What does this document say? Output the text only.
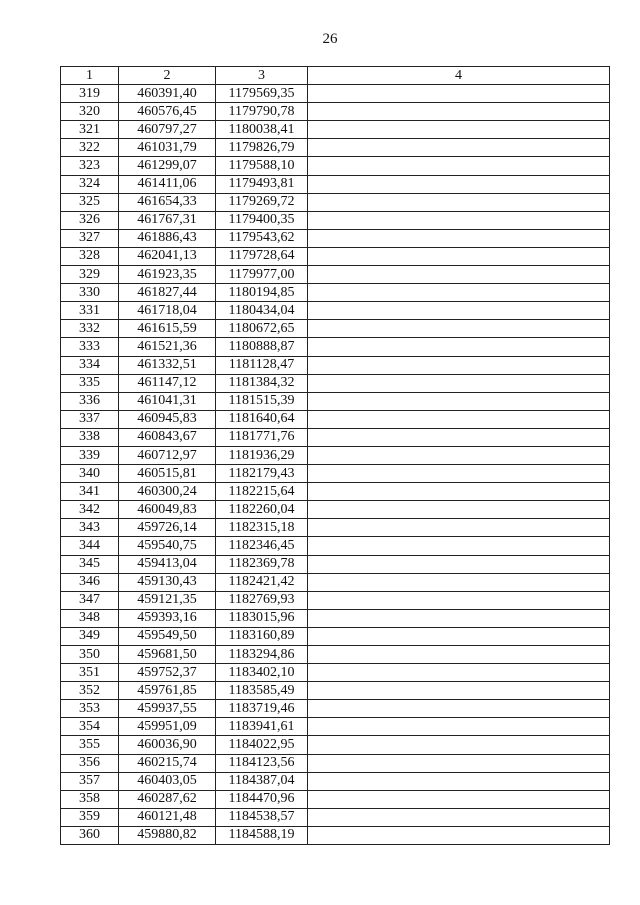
26
1	2	3	4
319	460391,40	1179569,35	
320	460576,45	1179790,78	
321	460797,27	1180038,41	
322	461031,79	1179826,79	
323	461299,07	1179588,10	
324	461411,06	1179493,81	
325	461654,33	1179269,72	
326	461767,31	1179400,35	
327	461886,43	1179543,62	
328	462041,13	1179728,64	
329	461923,35	1179977,00	
330	461827,44	1180194,85	
331	461718,04	1180434,04	
332	461615,59	1180672,65	
333	461521,36	1180888,87	
334	461332,51	1181128,47	
335	461147,12	1181384,32	
336	461041,31	1181515,39	
337	460945,83	1181640,64	
338	460843,67	1181771,76	
339	460712,97	1181936,29	
340	460515,81	1182179,43	
341	460300,24	1182215,64	
342	460049,83	1182260,04	
343	459726,14	1182315,18	
344	459540,75	1182346,45	
345	459413,04	1182369,78	
346	459130,43	1182421,42	
347	459121,35	1182769,93	
348	459393,16	1183015,96	
349	459549,50	1183160,89	
350	459681,50	1183294,86	
351	459752,37	1183402,10	
352	459761,85	1183585,49	
353	459937,55	1183719,46	
354	459951,09	1183941,61	
355	460036,90	1184022,95	
356	460215,74	1184123,56	
357	460403,05	1184387,04	
358	460287,62	1184470,96	
359	460121,48	1184538,57	
360	459880,82	1184588,19	
